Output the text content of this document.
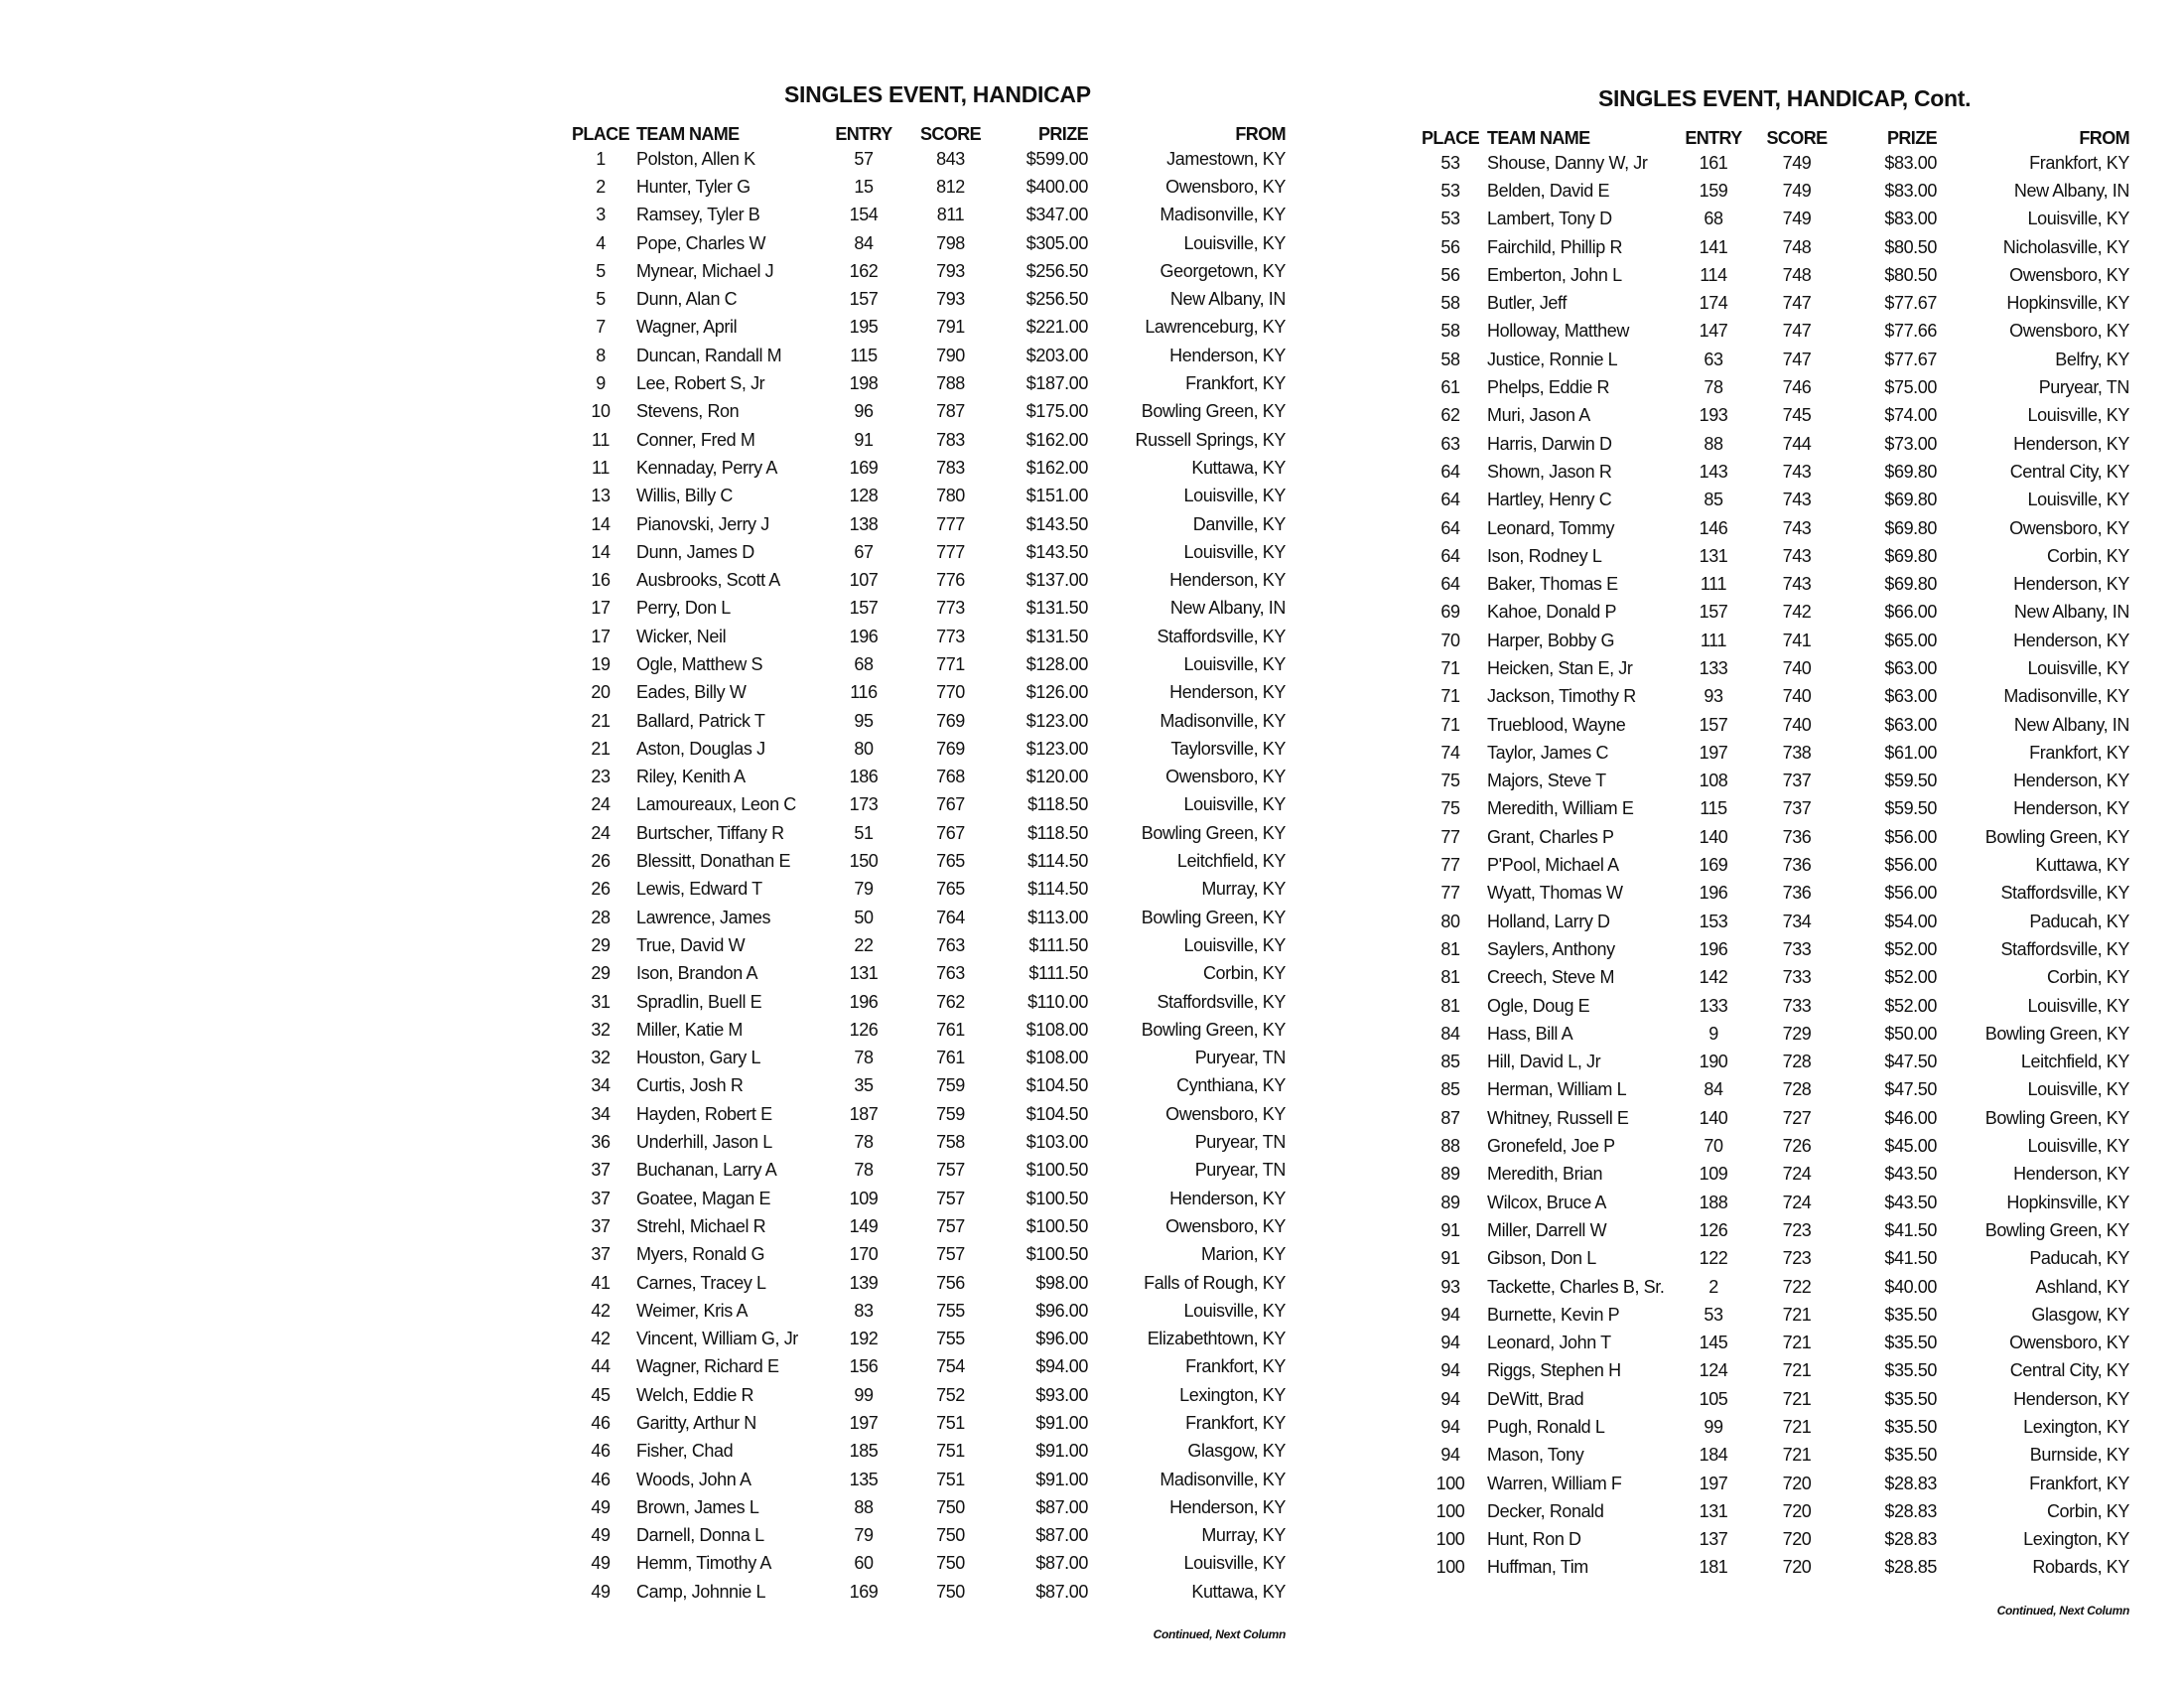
SINGLES EVENT, HANDICAP
PLACE	TEAM NAME	ENTRY	SCORE	PRIZE	FROM
1	Polston, Allen K	57	843	$599.00	Jamestown, KY
2	Hunter, Tyler G	15	812	$400.00	Owensboro, KY
3	Ramsey, Tyler B	154	811	$347.00	Madisonville, KY
4	Pope, Charles W	84	798	$305.00	Louisville, KY
5	Mynear, Michael J	162	793	$256.50	Georgetown, KY
5	Dunn, Alan C	157	793	$256.50	New Albany, IN
7	Wagner, April	195	791	$221.00	Lawrenceburg, KY
8	Duncan, Randall M	115	790	$203.00	Henderson, KY
9	Lee, Robert S, Jr	198	788	$187.00	Frankfort, KY
10	Stevens, Ron	96	787	$175.00	Bowling Green, KY
11	Conner, Fred M	91	783	$162.00	Russell Springs, KY
11	Kennaday, Perry A	169	783	$162.00	Kuttawa, KY
13	Willis, Billy C	128	780	$151.00	Louisville, KY
14	Pianovski, Jerry J	138	777	$143.50	Danville, KY
14	Dunn, James D	67	777	$143.50	Louisville, KY
16	Ausbrooks, Scott A	107	776	$137.00	Henderson, KY
17	Perry, Don L	157	773	$131.50	New Albany, IN
17	Wicker, Neil	196	773	$131.50	Staffordsville, KY
19	Ogle, Matthew S	68	771	$128.00	Louisville, KY
20	Eades, Billy W	116	770	$126.00	Henderson, KY
21	Ballard, Patrick T	95	769	$123.00	Madisonville, KY
21	Aston, Douglas J	80	769	$123.00	Taylorsville, KY
23	Riley, Kenith A	186	768	$120.00	Owensboro, KY
24	Lamoureaux, Leon C	173	767	$118.50	Louisville, KY
24	Burtscher, Tiffany R	51	767	$118.50	Bowling Green, KY
26	Blessitt, Donathan E	150	765	$114.50	Leitchfield, KY
26	Lewis, Edward T	79	765	$114.50	Murray, KY
28	Lawrence, James	50	764	$113.00	Bowling Green, KY
29	True, David W	22	763	$111.50	Louisville, KY
29	Ison, Brandon A	131	763	$111.50	Corbin, KY
31	Spradlin, Buell E	196	762	$110.00	Staffordsville, KY
32	Miller, Katie M	126	761	$108.00	Bowling Green, KY
32	Houston, Gary L	78	761	$108.00	Puryear, TN
34	Curtis, Josh R	35	759	$104.50	Cynthiana, KY
34	Hayden, Robert E	187	759	$104.50	Owensboro, KY
36	Underhill, Jason L	78	758	$103.00	Puryear, TN
37	Buchanan, Larry A	78	757	$100.50	Puryear, TN
37	Goatee, Magan E	109	757	$100.50	Henderson, KY
37	Strehl, Michael R	149	757	$100.50	Owensboro, KY
37	Myers, Ronald G	170	757	$100.50	Marion, KY
41	Carnes, Tracey L	139	756	$98.00	Falls of Rough, KY
42	Weimer, Kris A	83	755	$96.00	Louisville, KY
42	Vincent, William G, Jr	192	755	$96.00	Elizabethtown, KY
44	Wagner, Richard E	156	754	$94.00	Frankfort, KY
45	Welch, Eddie R	99	752	$93.00	Lexington, KY
46	Garitty, Arthur N	197	751	$91.00	Frankfort, KY
46	Fisher, Chad	185	751	$91.00	Glasgow, KY
46	Woods, John A	135	751	$91.00	Madisonville, KY
49	Brown, James L	88	750	$87.00	Henderson, KY
49	Darnell, Donna L	79	750	$87.00	Murray, KY
49	Hemm, Timothy A	60	750	$87.00	Louisville, KY
49	Camp, Johnnie L	169	750	$87.00	Kuttawa, KY
Continued, Next Column
SINGLES EVENT, HANDICAP, Cont.
PLACE	TEAM NAME	ENTRY	SCORE	PRIZE	FROM
53	Shouse, Danny W, Jr	161	749	$83.00	Frankfort, KY
53	Belden, David E	159	749	$83.00	New Albany, IN
53	Lambert, Tony D	68	749	$83.00	Louisville, KY
56	Fairchild, Phillip R	141	748	$80.50	Nicholasville, KY
56	Emberton, John L	114	748	$80.50	Owensboro, KY
58	Butler, Jeff	174	747	$77.67	Hopkinsville, KY
58	Holloway, Matthew	147	747	$77.66	Owensboro, KY
58	Justice, Ronnie L	63	747	$77.67	Belfry, KY
61	Phelps, Eddie R	78	746	$75.00	Puryear, TN
62	Muri, Jason A	193	745	$74.00	Louisville, KY
63	Harris, Darwin D	88	744	$73.00	Henderson, KY
64	Shown, Jason R	143	743	$69.80	Central City, KY
64	Hartley, Henry C	85	743	$69.80	Louisville, KY
64	Leonard, Tommy	146	743	$69.80	Owensboro, KY
64	Ison, Rodney L	131	743	$69.80	Corbin, KY
64	Baker, Thomas E	111	743	$69.80	Henderson, KY
69	Kahoe, Donald P	157	742	$66.00	New Albany, IN
70	Harper, Bobby G	111	741	$65.00	Henderson, KY
71	Heicken, Stan E, Jr	133	740	$63.00	Louisville, KY
71	Jackson, Timothy R	93	740	$63.00	Madisonville, KY
71	Trueblood, Wayne	157	740	$63.00	New Albany, IN
74	Taylor, James C	197	738	$61.00	Frankfort, KY
75	Majors, Steve T	108	737	$59.50	Henderson, KY
75	Meredith, William E	115	737	$59.50	Henderson, KY
77	Grant, Charles P	140	736	$56.00	Bowling Green, KY
77	P'Pool, Michael A	169	736	$56.00	Kuttawa, KY
77	Wyatt, Thomas W	196	736	$56.00	Staffordsville, KY
80	Holland, Larry D	153	734	$54.00	Paducah, KY
81	Saylers, Anthony	196	733	$52.00	Staffordsville, KY
81	Creech, Steve M	142	733	$52.00	Corbin, KY
81	Ogle, Doug E	133	733	$52.00	Louisville, KY
84	Hass, Bill A	9	729	$50.00	Bowling Green, KY
85	Hill, David L, Jr	190	728	$47.50	Leitchfield, KY
85	Herman, William L	84	728	$47.50	Louisville, KY
87	Whitney, Russell E	140	727	$46.00	Bowling Green, KY
88	Gronefeld, Joe P	70	726	$45.00	Louisville, KY
89	Meredith, Brian	109	724	$43.50	Henderson, KY
89	Wilcox, Bruce A	188	724	$43.50	Hopkinsville, KY
91	Miller, Darrell W	126	723	$41.50	Bowling Green, KY
91	Gibson, Don L	122	723	$41.50	Paducah, KY
93	Tackette, Charles B, Sr.	2	722	$40.00	Ashland, KY
94	Burnette, Kevin P	53	721	$35.50	Glasgow, KY
94	Leonard, John T	145	721	$35.50	Owensboro, KY
94	Riggs, Stephen H	124	721	$35.50	Central City, KY
94	DeWitt, Brad	105	721	$35.50	Henderson, KY
94	Pugh, Ronald L	99	721	$35.50	Lexington, KY
94	Mason, Tony	184	721	$35.50	Burnside, KY
100	Warren, William F	197	720	$28.83	Frankfort, KY
100	Decker, Ronald	131	720	$28.83	Corbin, KY
100	Hunt, Ron D	137	720	$28.83	Lexington, KY
100	Huffman, Tim	181	720	$28.85	Robards, KY
Continued, Next Column
